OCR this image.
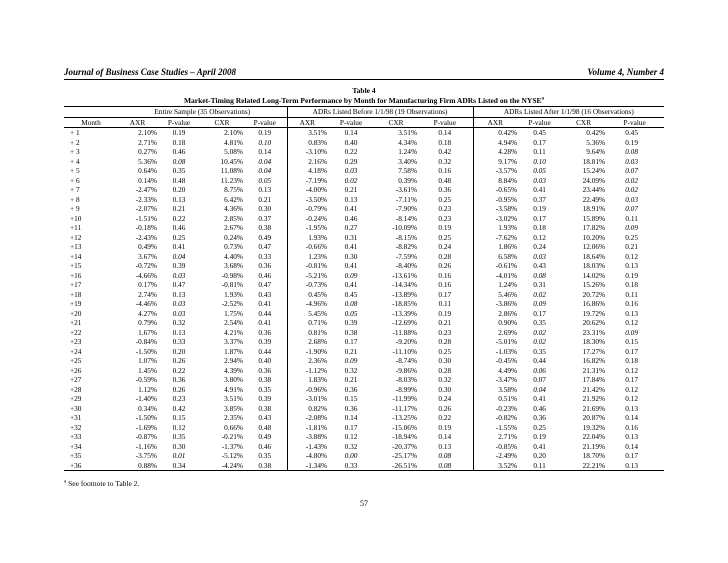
Journal of Business Case Studies – April 2008	Volume 4, Number 4
Table 4
Market-Timing Related Long-Term Performance by Month for Manufacturing Firm ADRs Listed on the NYSE$^a$
	Entire Sample (35 Observations)				ADRs Listed Before 1/1/98 (19 Observations)				ADRs Listed After 1/1/98 (16 Observations)			
Month	AXR	P-value	CXR	P-value	AXR	P-value	CXR	P-value	AXR	P-value	CXR	P-value
+ 1	2.10%	0.19	2.10%	0.19	3.51%	0.14	3.51%	0.14	0.42%	0.45	0.42%	0.45
+ 2	2.71%	0.18	4.81%	0.10	0.83%	0.40	4.34%	0.18	4.94%	0.17	5.36%	0.19
+ 3	0.27%	0.46	5.08%	0.14	-3.10%	0.22	1.24%	0.42	4.28%	0.11	9.64%	0.08
+ 4	5.36%	0.08	10.45%	0.04	2.16%	0.29	3.40%	0.32	9.17%	0.10	18.81%	0.03
+ 5	0.64%	0.35	11.08%	0.04	4.18%	0.03	7.58%	0.16	-3.57%	0.05	15.24%	0.07
+ 6	0.14%	0.48	11.23%	0.05	-7.19%	0.02	0.39%	0.48	8.84%	0.03	24.09%	0.02
+ 7	-2.47%	0.20	8.75%	0.13	-4.00%	0.21	-3.61%	0.36	-0.65%	0.41	23.44%	0.02
+ 8	-2.33%	0.13	6.42%	0.21	-3.50%	0.13	-7.11%	0.25	-0.95%	0.37	22.49%	0.03
+ 9	-2.07%	0.21	4.36%	0.30	-0.79%	0.41	-7.90%	0.23	-3.58%	0.19	18.91%	0.07
+10	-1.51%	0.22	2.85%	0.37	-0.24%	0.46	-8.14%	0.23	-3.02%	0.17	15.89%	0.11
+11	-0.18%	0.46	2.67%	0.38	-1.95%	0.27	-10.09%	0.19	1.93%	0.18	17.82%	0.09
+12	-2.43%	0.25	0.24%	0.49	1.93%	0.31	-8.15%	0.25	-7.62%	0.12	10.20%	0.25
+13	0.49%	0.41	0.73%	0.47	-0.66%	0.41	-8.82%	0.24	1.86%	0.24	12.06%	0.21
+14	3.67%	0.04	4.40%	0.33	1.23%	0.30	-7.59%	0.28	6.58%	0.03	18.64%	0.12
+15	-0.72%	0.39	3.68%	0.36	-0.81%	0.41	-8.40%	0.26	-0.61%	0.43	18.03%	0.13
+16	-4.66%	0.03	-0.98%	0.46	-5.21%	0.09	-13.61%	0.16	-4.01%	0.08	14.02%	0.19
+17	0.17%	0.47	-0.81%	0.47	-0.73%	0.41	-14.34%	0.16	1.24%	0.31	15.26%	0.18
+18	2.74%	0.13	1.93%	0.43	0.45%	0.45	-13.89%	0.17	5.46%	0.02	20.72%	0.11
+19	-4.46%	0.03	-2.52%	0.41	-4.96%	0.08	-18.85%	0.11	-3.86%	0.09	16.86%	0.16
+20	4.27%	0.03	1.75%	0.44	5.45%	0.05	-13.39%	0.19	2.86%	0.17	19.72%	0.13
+21	0.79%	0.32	2.54%	0.41	0.71%	0.39	-12.69%	0.21	0.90%	0.35	20.62%	0.12
+22	1.67%	0.13	4.21%	0.36	0.81%	0.38	-11.88%	0.23	2.69%	0.02	23.31%	0.09
+23	-0.84%	0.33	3.37%	0.39	2.68%	0.17	-9.20%	0.28	-5.01%	0.02	18.30%	0.15
+24	-1.50%	0.20	1.87%	0.44	-1.90%	0.21	-11.10%	0.25	-1.03%	0.35	17.27%	0.17
+25	1.07%	0.26	2.94%	0.40	2.36%	0.09	-8.74%	0.30	-0.45%	0.44	16.82%	0.18
+26	1.45%	0.22	4.39%	0.36	-1.12%	0.32	-9.86%	0.28	4.49%	0.06	21.31%	0.12
+27	-0.59%	0.36	3.80%	0.38	1.83%	0.21	-8.03%	0.32	-3.47%	0.07	17.84%	0.17
+28	1.12%	0.26	4.91%	0.35	-0.96%	0.36	-8.99%	0.30	3.58%	0.04	21.42%	0.12
+29	-1.40%	0.23	3.51%	0.39	-3.01%	0.15	-11.99%	0.24	0.51%	0.41	21.92%	0.12
+30	0.34%	0.42	3.85%	0.38	0.82%	0.36	-11.17%	0.26	-0.23%	0.46	21.69%	0.13
+31	-1.50%	0.15	2.35%	0.43	-2.08%	0.14	-13.25%	0.22	-0.82%	0.36	20.87%	0.14
+32	-1.69%	0.12	0.66%	0.48	-1.81%	0.17	-15.06%	0.19	-1.55%	0.25	19.32%	0.16
+33	-0.87%	0.35	-0.21%	0.49	-3.88%	0.12	-18.94%	0.14	2.71%	0.19	22.04%	0.13
+34	-1.16%	0.30	-1.37%	0.46	-1.43%	0.32	-20.37%	0.13	-0.85%	0.41	21.19%	0.14
+35	-3.75%	0.01	-5.12%	0.35	-4.80%	0.00	-25.17%	0.08	-2.49%	0.20	18.70%	0.17
+36	0.88%	0.34	-4.24%	0.38	-1.34%	0.33	-26.51%	0.08	3.52%	0.11	22.21%	0.13
$^a$ See footnote to Table 2.
57
